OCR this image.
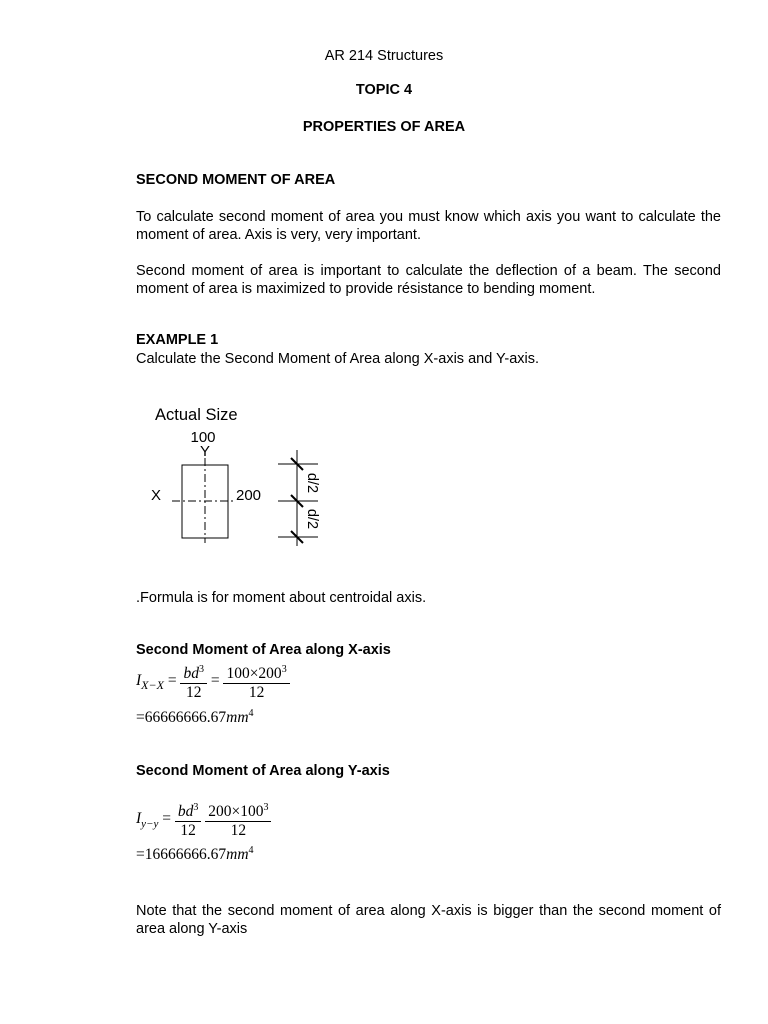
AR 214 Structures
TOPIC 4
PROPERTIES OF AREA
SECOND MOMENT OF AREA
To calculate second moment of area you must know which axis you want to calculate the moment of area. Axis is very, very important.
Second moment of area is important to calculate the deflection of a beam. The second moment of area is maximized to provide résistance to bending moment.
EXAMPLE 1
Calculate the Second Moment of Area along X-axis and Y-axis.
Actual Size
100
Y
X	200
d/2
d/2
.Formula is for moment about centroidal axis.
Second Moment of Area along X-axis
$I_{X-X} = \frac{bd^3}{12} = \frac{100\times 200^3}{12}$
$=66666666.67mm^4$
Second Moment of Area along Y-axis
$I_{y-y} = \frac{bd^3}{12}$
$\frac{200\times 100^3}{12}$
$=16666666.67mm^4$
Note that the second moment of area along X-axis is bigger than the second moment of area along Y-axis
